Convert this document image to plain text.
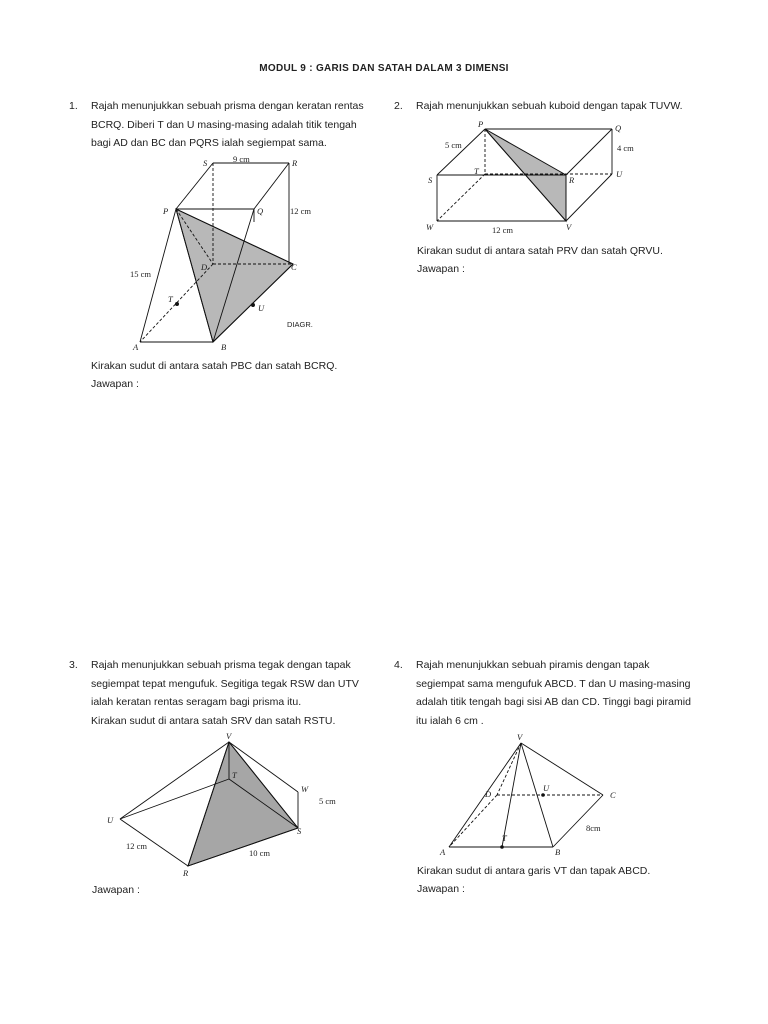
MODUL 9 : GARIS DAN SATAH DALAM 3 DIMENSI
1. Rajah menunjukkan sebuah prisma dengan keratan rentas

BCRQ. Diberi T dan U masing-masing adalah titik tengah

bagi AD dan BC dan PQRS ialah segiempat sama.

S	R
P	Q
D	C
A	B
T
U
9 cm
12 cm
15 cm
DIAGR.
Kirakan sudut di antara satah PBC dan satah BCRQ.
Jawapan :
2. Rajah menunjukkan sebuah kuboid dengan tapak TUVW.

P	Q
S
T
R
U
W	V
5 cm	4 cm
12 cm
Kirakan sudut di antara satah PRV dan satah QRVU.
Jawapan :
3. Rajah menunjukkan sebuah prisma tegak dengan tapak

segiempat tepat mengufuk. Segitiga tegak RSW dan UTV

ialah keratan rentas seragam bagi prisma itu.

Kirakan sudut di antara satah SRV dan satah RSTU.

V
T
W
U
S
R
5 cm
12 cm
10 cm
Jawapan :
4. Rajah menunjukkan sebuah piramis dengan tapak

segiempat sama mengufuk ABCD. T dan U masing-masing

adalah titik tengah bagi sisi AB dan CD. Tinggi bagi piramid

itu ialah 6 cm .

V
D
U
C
T
A	B
8cm
Kirakan sudut di antara garis VT dan tapak ABCD.
Jawapan :
